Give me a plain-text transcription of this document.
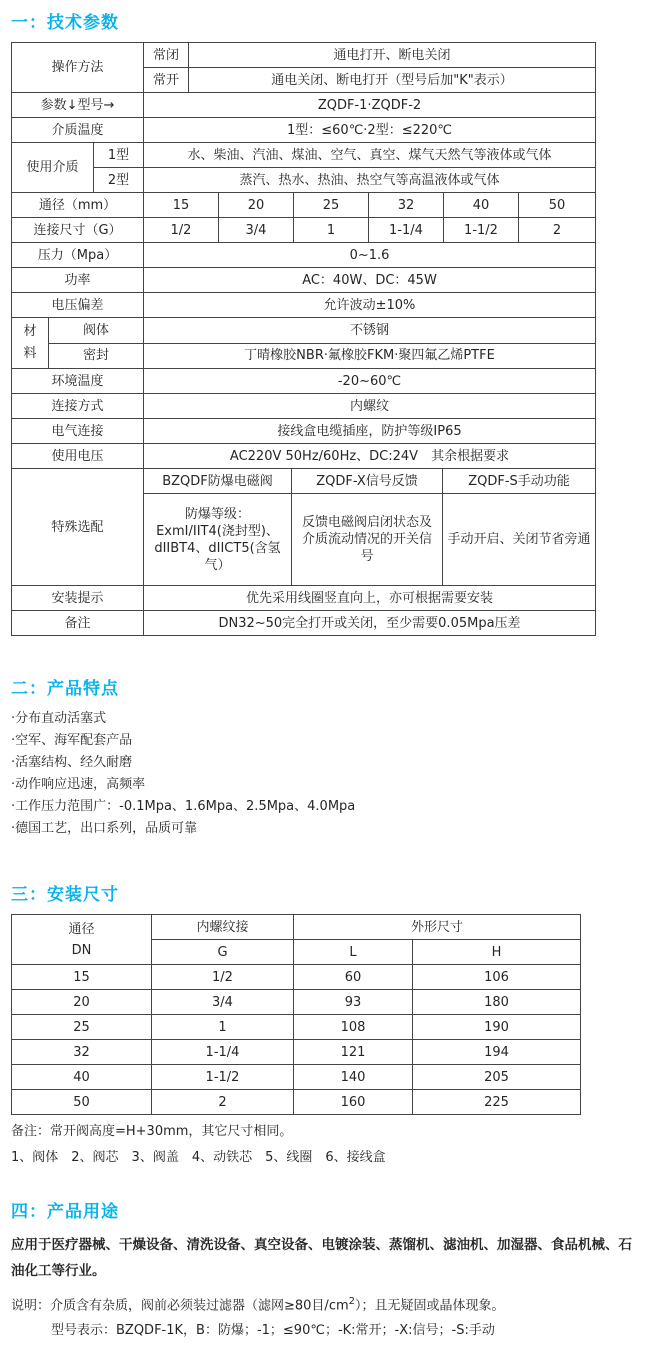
一：技术参数
操作方法	常闭	通电打开、断电关闭
	常开	通电关闭、断电打开（型号后加"K"表示）
参数↓型号→	ZQDF-1·ZQDF-2
介质温度	1型：≤60℃·2型：≤220℃
使用介质	1型	水、柴油、汽油、煤油、空气、真空、煤气天然气等液体或气体
	2型	蒸汽、热水、热油、热空气等高温液体或气体
通径（mm）	15	20	25	32	40	50
连接尺寸（G）	1/2	3/4	1	1-1/4	1-1/2	2
压力（Mpa）	0~1.6
功率	AC：40W、DC：45W
电压偏差	允许波动±10%
材
料	阀体	不锈钢
	密封	丁晴橡胶NBR·氟橡胶FKM·聚四氟乙烯PTFE
环境温度	-20~60℃
连接方式	内螺纹
电气连接	接线盒电缆插座，防护等级IP65
使用电压	AC220V 50Hz/60Hz、DC:24V　其余根据要求
特殊选配	BZQDF防爆电磁阀	ZQDF-X信号反馈	ZQDF-S手动功能
	防爆等级：ExmI/IIT4(浇封型)、dIIBT4、dIICT5(含氢气）	反馈电磁阀启闭状态及介质流动情况的开关信号	手动开启、关闭节省旁通
安装提示	优先采用线圈竖直向上，亦可根据需要安装
备注	DN32~50完全打开或关闭，至少需要0.05Mpa压差
二：产品特点
·分布直动活塞式
·空军、海军配套产品
·活塞结构、经久耐磨
·动作响应迅速，高频率
·工作压力范围广：-0.1Mpa、1.6Mpa、2.5Mpa、4.0Mpa
·德国工艺，出口系列，品质可靠
三：安装尺寸
通径
DN	内螺纹接	外形尺寸	
	G	L	H
15	1/2	60	106
20	3/4	93	180
25	1	108	190
32	1-1/4	121	194
40	1-1/2	140	205
50	2	160	225
备注：常开阀高度=H+30mm，其它尺寸相同。
1、阀体　2、阀芯　3、阀盖　4、动铁芯　5、线圈　6、接线盒
四：产品用途
应用于医疗器械、干燥设备、清洗设备、真空设备、电镀涂装、蒸馏机、滤油机、加湿器、食品机械、石油化工等行业。
说明：介质含有杂质，阀前必须装过滤器（滤网≥80目$/cm^2$）；且无疑固或晶体现象。
型号表示：BZQDF-1K，B：防爆；-1；≤90℃；-K:常开；-X:信号；-S:手动
